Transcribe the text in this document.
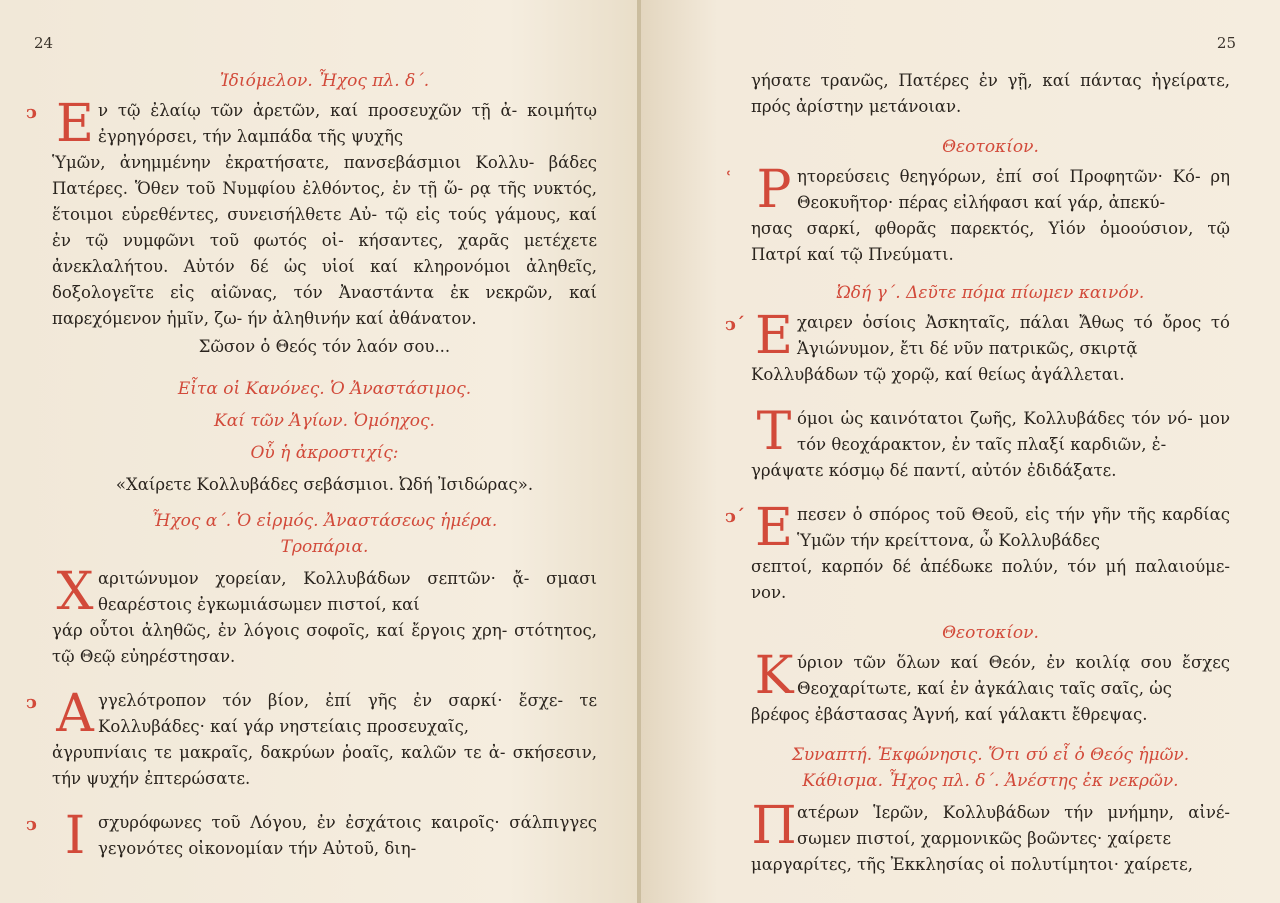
24
Ἰδιόμελον. Ἦχος πλ. δ΄.
ͻ Ε ν τῷ ἐλαίῳ τῶν ἀρετῶν, καί προσευχῶν τῇ ἀ- κοιμήτῳ ἐγρηγόρσει, τήν λαμπάδα τῆς ψυχῆς

Ὑμῶν, ἀνημμένην ἐκρατήσατε, πανσεβάσμιοι Κολλυ- βάδες Πατέρες. Ὅθεν τοῦ Νυμφίου ἐλθόντος, ἐν τῇ ὥ- ρᾳ τῆς νυκτός, ἕτοιμοι εὑρεθέντες, συνεισήλθετε Αὐ- τῷ εἰς τούς γάμους, καί ἐν τῷ νυμφῶνι τοῦ φωτός οἰ- κήσαντες, χαρᾶς μετέχετε ἀνεκλαλήτου. Αὐτόν δέ ὡς υἱοί καί κληρονόμοι ἀληθεῖς, δοξολογεῖτε εἰς αἰῶνας, τόν Ἀναστάντα ἐκ νεκρῶν, καί παρεχόμενον ἡμῖν, ζω- ήν ἀληθινήν καί ἀθάνατον.

Σῶσον ὁ Θεός τόν λαόν σου...
Εἶτα οἱ Κανόνες. Ὁ Ἀναστάσιμος.
Καί τῶν Ἁγίων. Ὁμόηχος.
Οὗ ἡ ἀκροστιχίς:
«Χαίρετε Κολλυβάδες σεβάσμιοι. Ὠδή Ἰσιδώρας».
Ἦχος α΄. Ὁ εἱρμός. Ἀναστάσεως ἡμέρα.
Τροπάρια.
Χ αριτώνυμον χορείαν, Κολλυβάδων σεπτῶν· ᾄ- σμασι θεαρέστοις ἐγκωμιάσωμεν πιστοί, καί

γάρ οὗτοι ἀληθῶς, ἐν λόγοις σοφοῖς, καί ἔργοις χρη- στότητος, τῷ Θεῷ εὐηρέστησαν.

ͻ Α γγελότροπον τόν βίον, ἐπί γῆς ἐν σαρκί· ἔσχε- τε Κολλυβάδες· καί γάρ νηστείαις προσευχαῖς,

ἀγρυπνίαις τε μακραῖς, δακρύων ῥοαῖς, καλῶν τε ἀ- σκήσεσιν, τήν ψυχήν ἐπτερώσατε.

ͻ Ι σχυρόφωνες τοῦ Λόγου, ἐν ἐσχάτοις καιροῖς· σάλπιγγες γεγονότες οἰκονομίαν τήν Αὐτοῦ, διη-
25

γήσατε τρανῶς, Πατέρες ἐν γῇ, καί πάντας ἠγείρατε, πρός ἀρίστην μετάνοιαν.

Θεοτοκίον.
ʿ Ρ ητορεύσεις θεηγόρων, ἐπί σοί Προφητῶν· Κό- ρη Θεοκυῆτορ· πέρας εἰλήφασι καί γάρ, ἀπεκύ-

ησας σαρκί, φθορᾶς παρεκτός, Υἱόν ὁμοούσιον, τῷ Πατρί καί τῷ Πνεύματι.

Ὠδή γ΄. Δεῦτε πόμα πίωμεν καινόν.
ͻ΄ Ε χαιρεν ὁσίοις Ἀσκηταῖς, πάλαι Ἄθως τό ὄρος τό Ἁγιώνυμον, ἔτι δέ νῦν πατρικῶς, σκιρτᾷ

Κολλυβάδων τῷ χορῷ, καί θείως ἀγάλλεται.

Τ όμοι ὡς καινότατοι ζωῆς, Κολλυβάδες τόν νό- μον τόν θεοχάρακτον, ἐν ταῖς πλαξί καρδιῶν, ἐ-

γράψατε κόσμῳ δέ παντί, αὐτόν ἐδιδάξατε.

ͻ΄ Ε πεσεν ὁ σπόρος τοῦ Θεοῦ, εἰς τήν γῆν τῆς καρδίας Ὑμῶν τήν κρείττονα, ὦ Κολλυβάδες

σεπτοί, καρπόν δέ ἀπέδωκε πολύν, τόν μή παλαιούμε- νον.

Θεοτοκίον.
Κ ύριον τῶν ὅλων καί Θεόν, ἐν κοιλίᾳ σου ἔσχες Θεοχαρίτωτε, καί ἐν ἀγκάλαις ταῖς σαῖς, ὡς

βρέφος ἐβάστασας Ἁγνή, καί γάλακτι ἔθρεψας.

Συναπτή. Ἐκφώνησις. Ὅτι σύ εἶ ὁ Θεός ἡμῶν.
Κάθισμα. Ἦχος πλ. δ΄. Ἀνέστης ἐκ νεκρῶν.
Π ατέρων Ἱερῶν, Κολλυβάδων τήν μνήμην, αἰνέ- σωμεν πιστοί, χαρμονικῶς βοῶντες· χαίρετε

μαργαρίτες, τῆς Ἐκκλησίας οἱ πολυτίμητοι· χαίρετε,
